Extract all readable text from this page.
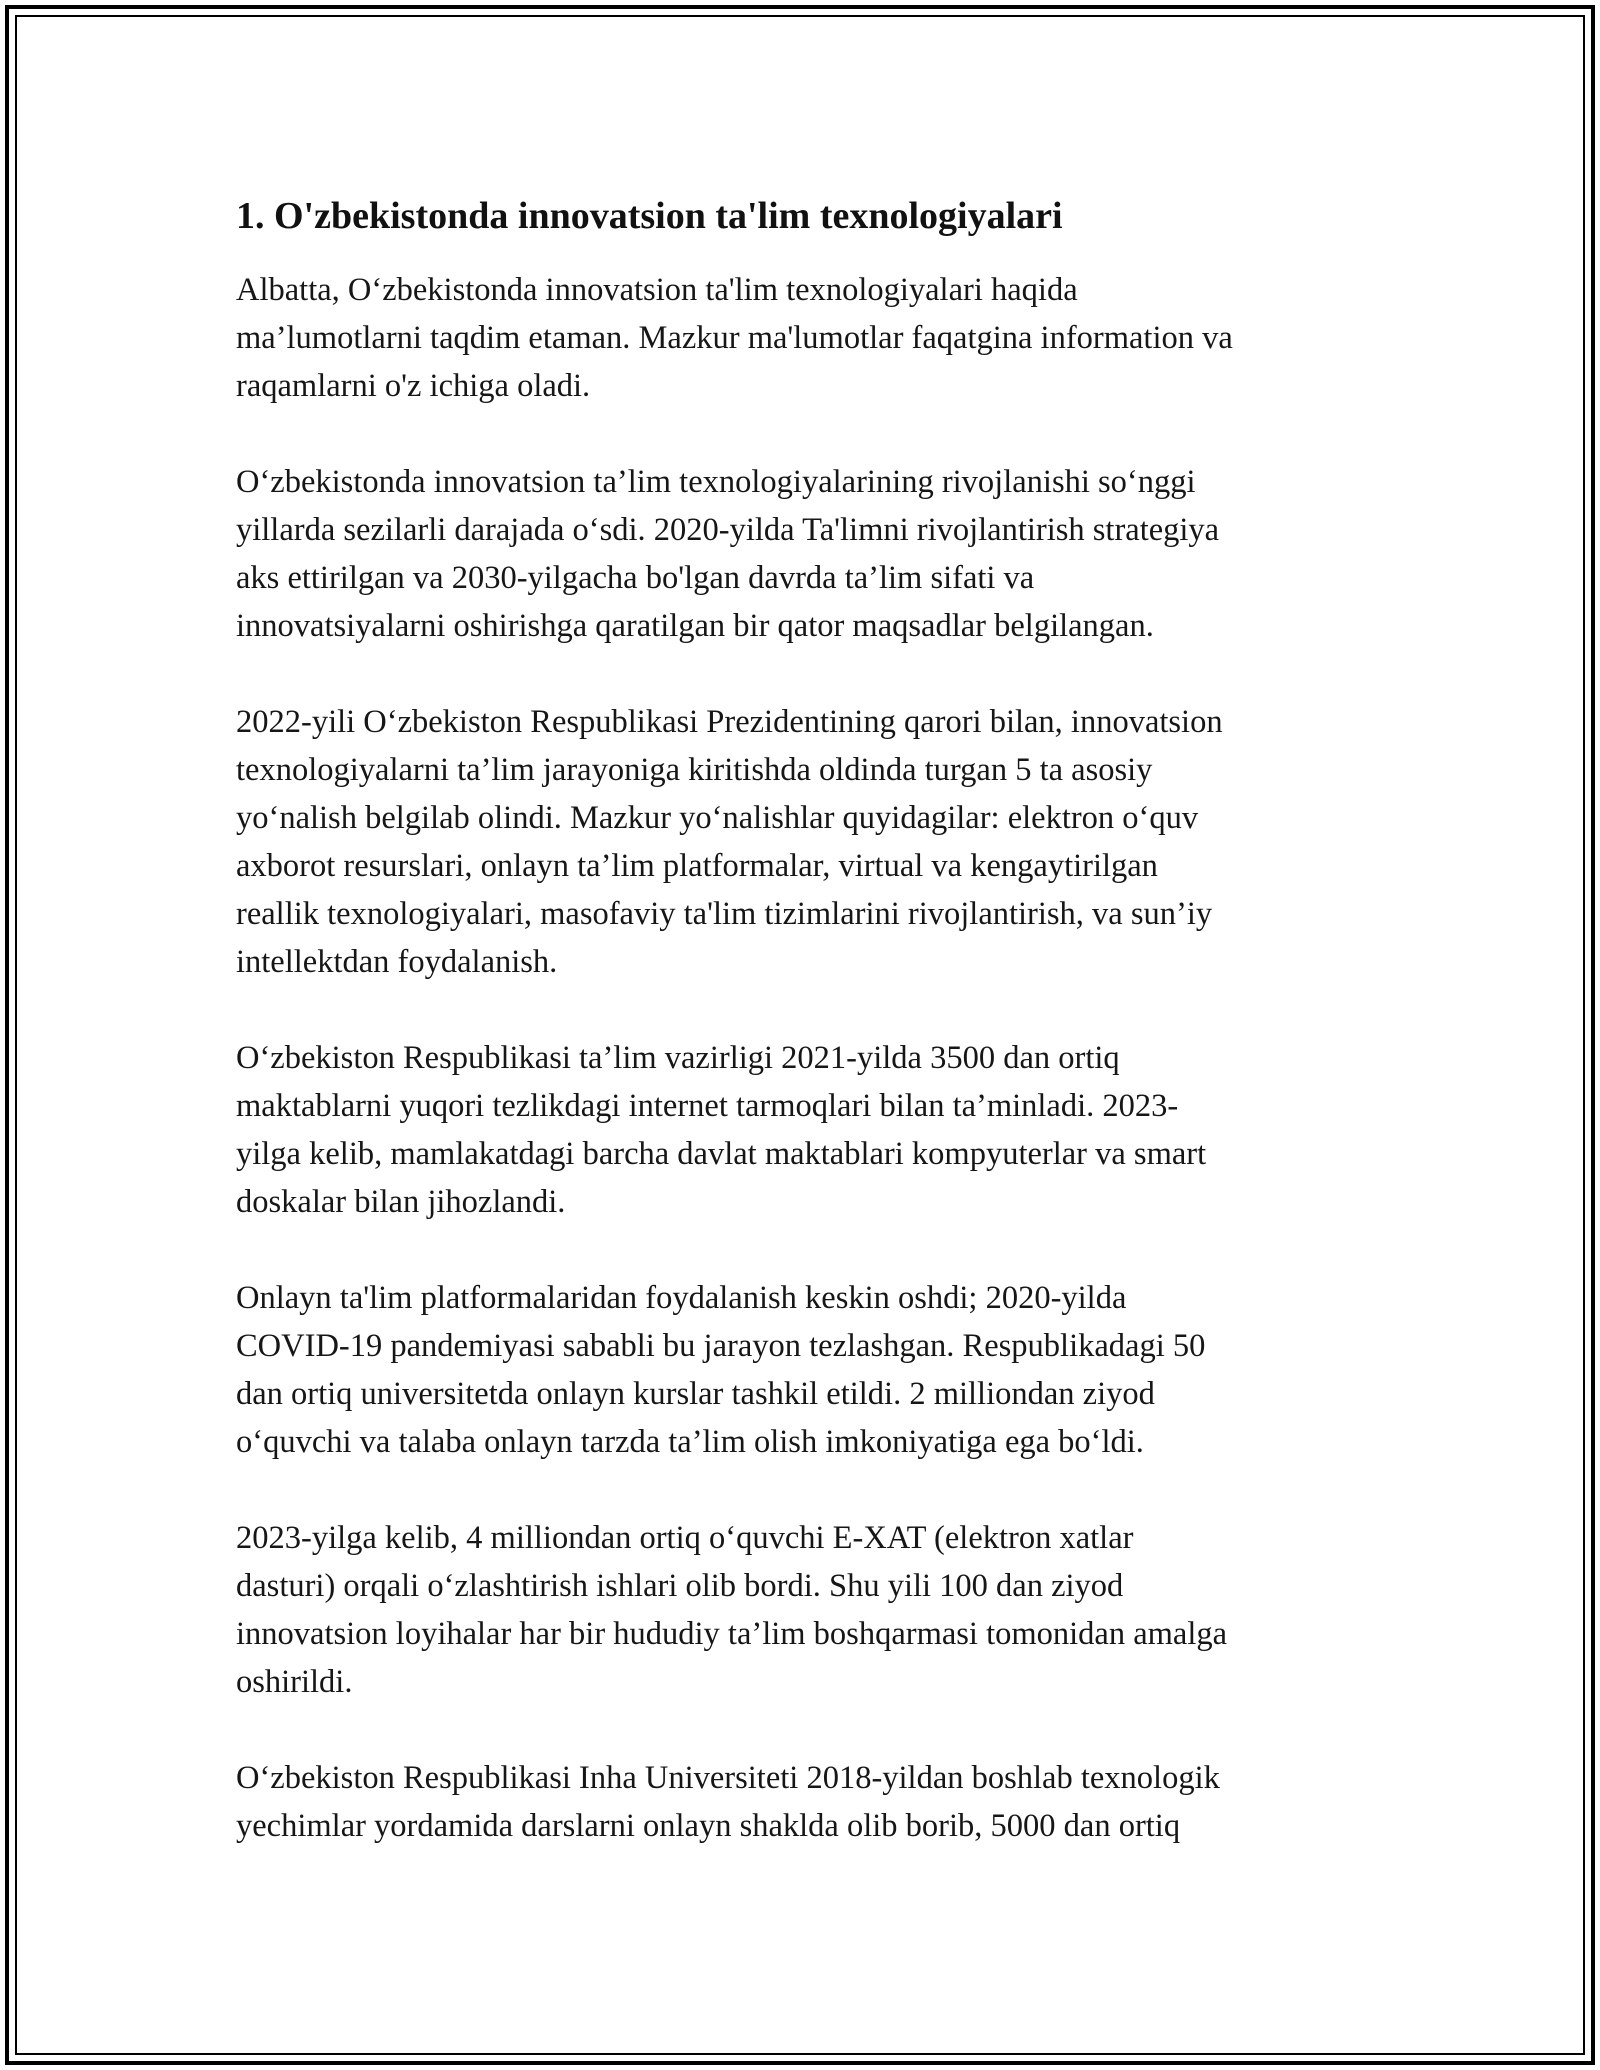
1. O'zbekistonda innovatsion ta'lim texnologiyalari

Albatta, O‘zbekistonda innovatsion ta'lim texnologiyalari haqida
ma’lumotlarni taqdim etaman. Mazkur ma'lumotlar faqatgina information va
raqamlarni o'z ichiga oladi.

O‘zbekistonda innovatsion ta’lim texnologiyalarining rivojlanishi so‘nggi
yillarda sezilarli darajada o‘sdi. 2020-yilda Ta'limni rivojlantirish strategiya
aks ettirilgan va 2030-yilgacha bo'lgan davrda ta’lim sifati va
innovatsiyalarni oshirishga qaratilgan bir qator maqsadlar belgilangan.

2022-yili O‘zbekiston Respublikasi Prezidentining qarori bilan, innovatsion
texnologiyalarni ta’lim jarayoniga kiritishda oldinda turgan 5 ta asosiy
yo‘nalish belgilab olindi. Mazkur yo‘nalishlar quyidagilar: elektron o‘quv
axborot resurslari, onlayn ta’lim platformalar, virtual va kengaytirilgan
reallik texnologiyalari, masofaviy ta'lim tizimlarini rivojlantirish, va sun’iy
intellektdan foydalanish.

O‘zbekiston Respublikasi ta’lim vazirligi 2021-yilda 3500 dan ortiq
maktablarni yuqori tezlikdagi internet tarmoqlari bilan ta’minladi. 2023-
yilga kelib, mamlakatdagi barcha davlat maktablari kompyuterlar va smart
doskalar bilan jihozlandi.

Onlayn ta'lim platformalaridan foydalanish keskin oshdi; 2020-yilda
COVID-19 pandemiyasi sababli bu jarayon tezlashgan. Respublikadagi 50
dan ortiq universitetda onlayn kurslar tashkil etildi. 2 milliondan ziyod
o‘quvchi va talaba onlayn tarzda ta’lim olish imkoniyatiga ega bo‘ldi.

2023-yilga kelib, 4 milliondan ortiq o‘quvchi E-XAT (elektron xatlar
dasturi) orqali o‘zlashtirish ishlari olib bordi. Shu yili 100 dan ziyod
innovatsion loyihalar har bir hududiy ta’lim boshqarmasi tomonidan amalga
oshirildi.

O‘zbekiston Respublikasi Inha Universiteti 2018-yildan boshlab texnologik
yechimlar yordamida darslarni onlayn shaklda olib borib, 5000 dan ortiq
